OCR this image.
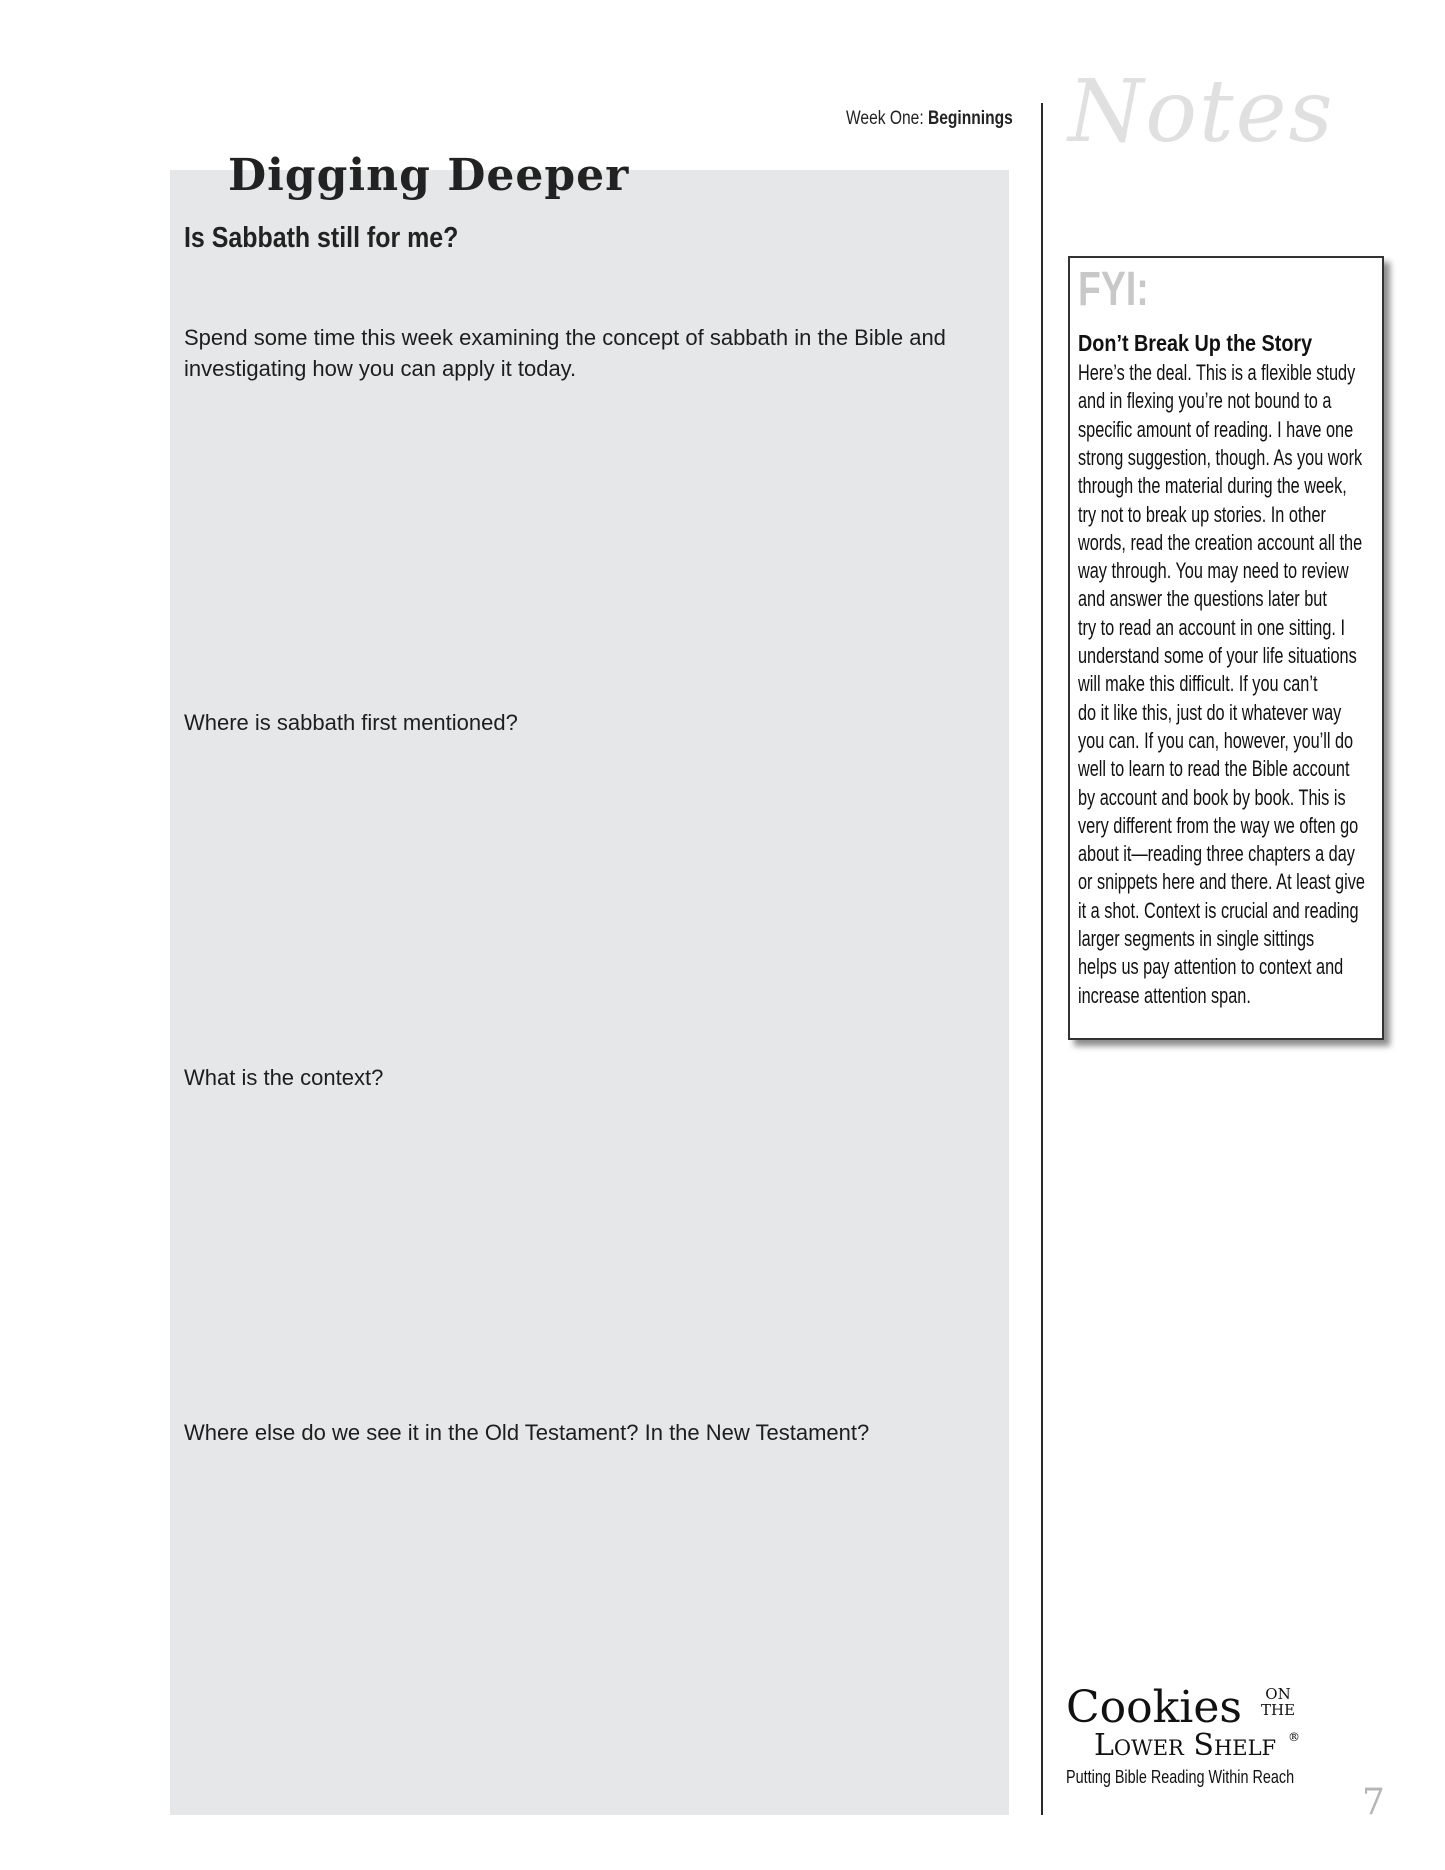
Week One: Beginnings Notes
Digging Deeper
Is Sabbath still for me?
Spend some time this week examining the concept of sabbath in the Bible and
investigating how you can apply it today.
Where is sabbath first mentioned?
What is the context?
Where else do we see it in the Old Testament? In the New Testament?
FYI:
Don’t Break Up the Story
Here’s the deal. This is a flexible study
and in flexing you’re not bound to a
specific amount of reading. I have one
strong suggestion, though. As you work
through the material during the week,
try not to break up stories. In other
words, read the creation account all the
way through. You may need to review
and answer the questions later but
try to read an account in one sitting. I
understand some of your life situations
will make this difficult. If you can’t
do it like this, just do it whatever way
you can. If you can, however, you’ll do
well to learn to read the Bible account
by account and book by book. This is
very different from the way we often go
about it—reading three chapters a day
or snippets here and there. At least give
it a shot. Context is crucial and reading
larger segments in single sittings
helps us pay attention to context and
increase attention span.
Cookies ON
THE
Lower Shelf ®
Putting Bible Reading Within Reach
7
